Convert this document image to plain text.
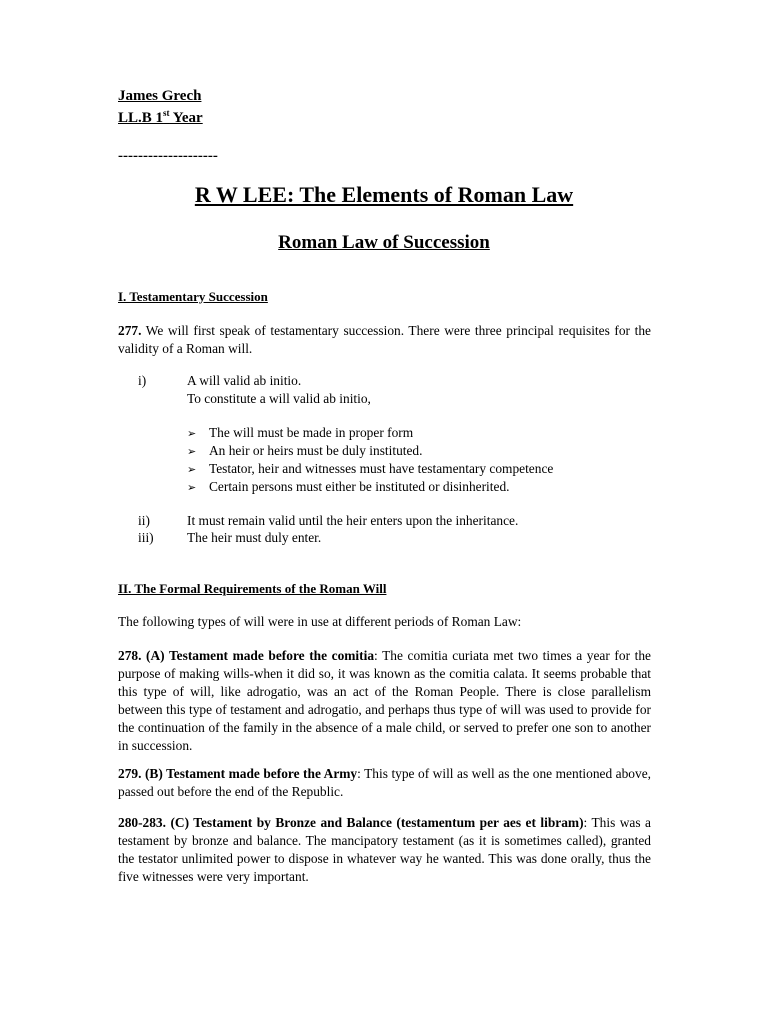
James Grech
LL.B 1st Year
--------------------
R W LEE: The Elements of Roman Law
Roman Law of Succession
I. Testamentary Succession
277. We will first speak of testamentary succession. There were three principal requisites for the validity of a Roman will.
i)	A will valid ab initio.
To constitute a will valid ab initio,
➢ The will must be made in proper form
➢ An heir or heirs must be duly instituted.
➢ Testator, heir and witnesses must have testamentary competence
➢ Certain persons must either be instituted or disinherited.
ii)	It must remain valid until the heir enters upon the inheritance.
iii) The heir must duly enter.
II. The Formal Requirements of the Roman Will
The following types of will were in use at different periods of Roman Law:
278. (A) Testament made before the comitia: The comitia curiata met two times a year for the purpose of making wills-when it did so, it was known as the comitia calata. It seems probable that this type of will, like adrogatio, was an act of the Roman People. There is close parallelism between this type of testament and adrogatio, and perhaps thus type of will was used to provide for the continuation of the family in the absence of a male child, or served to prefer one son to another in succession.
279. (B) Testament made before the Army: This type of will as well as the one mentioned above, passed out before the end of the Republic.
280-283. (C) Testament by Bronze and Balance (testamentum per aes et libram): This was a testament by bronze and balance. The mancipatory testament (as it is sometimes called), granted the testator unlimited power to dispose in whatever way he wanted. This was done orally, thus the five witnesses were very important.
